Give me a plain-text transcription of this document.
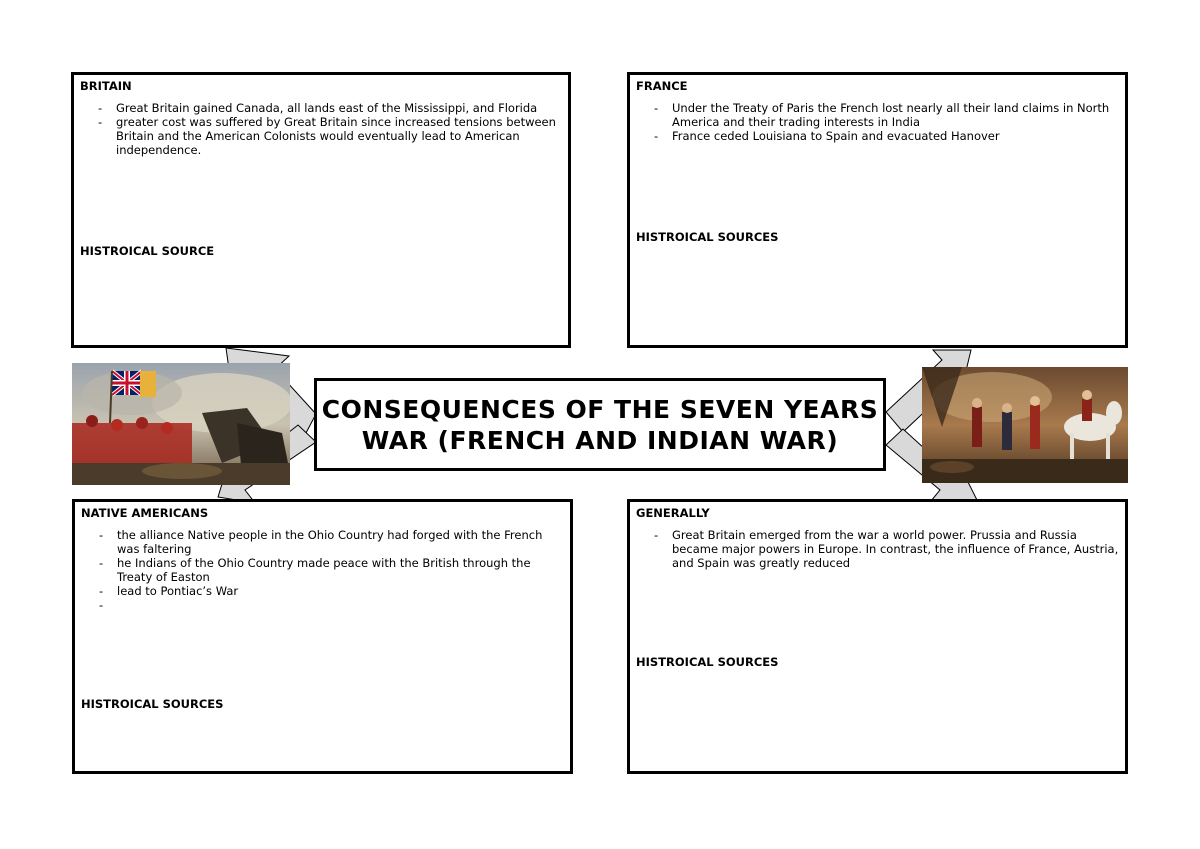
CONSEQUENCES OF THE SEVEN YEARS
WAR (FRENCH AND INDIAN WAR)
BRITAIN
- Great Britain gained Canada, all lands east of the Mississippi, and Florida
- greater cost was suffered by Great Britain since increased tensions between Britain and the American Colonists would eventually lead to American independence.
HISTROICAL SOURCE
FRANCE
- Under the Treaty of Paris the French lost nearly all their land claims in North America and their trading interests in India
- France ceded Louisiana to Spain and evacuated Hanover
HISTROICAL SOURCES
NATIVE AMERICANS
- the alliance Native people in the Ohio Country had forged with the French was faltering
- he Indians of the Ohio Country made peace with the British through the Treaty of Easton
- lead to Pontiac’s War
-
HISTROICAL SOURCES
GENERALLY
- Great Britain emerged from the war a world power. Prussia and Russia became major powers in Europe. In contrast, the influence of France, Austria, and Spain was greatly reduced
HISTROICAL SOURCES
